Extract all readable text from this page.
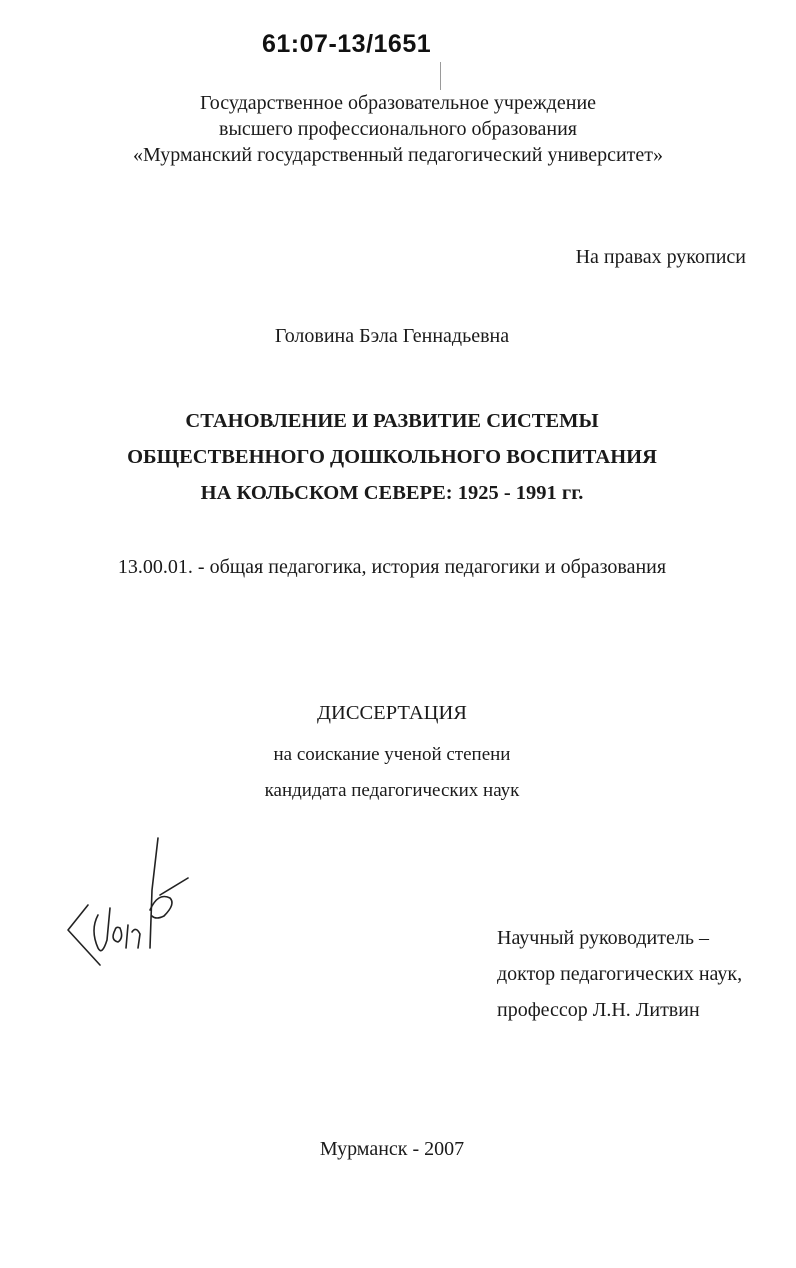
61:07-13/1651
Государственное образовательное учреждение
высшего профессионального образования
«Мурманский государственный педагогический университет»
На правах рукописи
Головина Бэла Геннадьевна
СТАНОВЛЕНИЕ И РАЗВИТИЕ СИСТЕМЫ
ОБЩЕСТВЕННОГО ДОШКОЛЬНОГО ВОСПИТАНИЯ
НА КОЛЬСКОМ СЕВЕРЕ: 1925 - 1991 гг.
13.00.01. - общая педагогика, история педагогики и образования
ДИССЕРТАЦИЯ
на соискание ученой степени
кандидата педагогических наук
Научный руководитель –
доктор педагогических наук,
профессор Л.Н. Литвин
Мурманск - 2007
